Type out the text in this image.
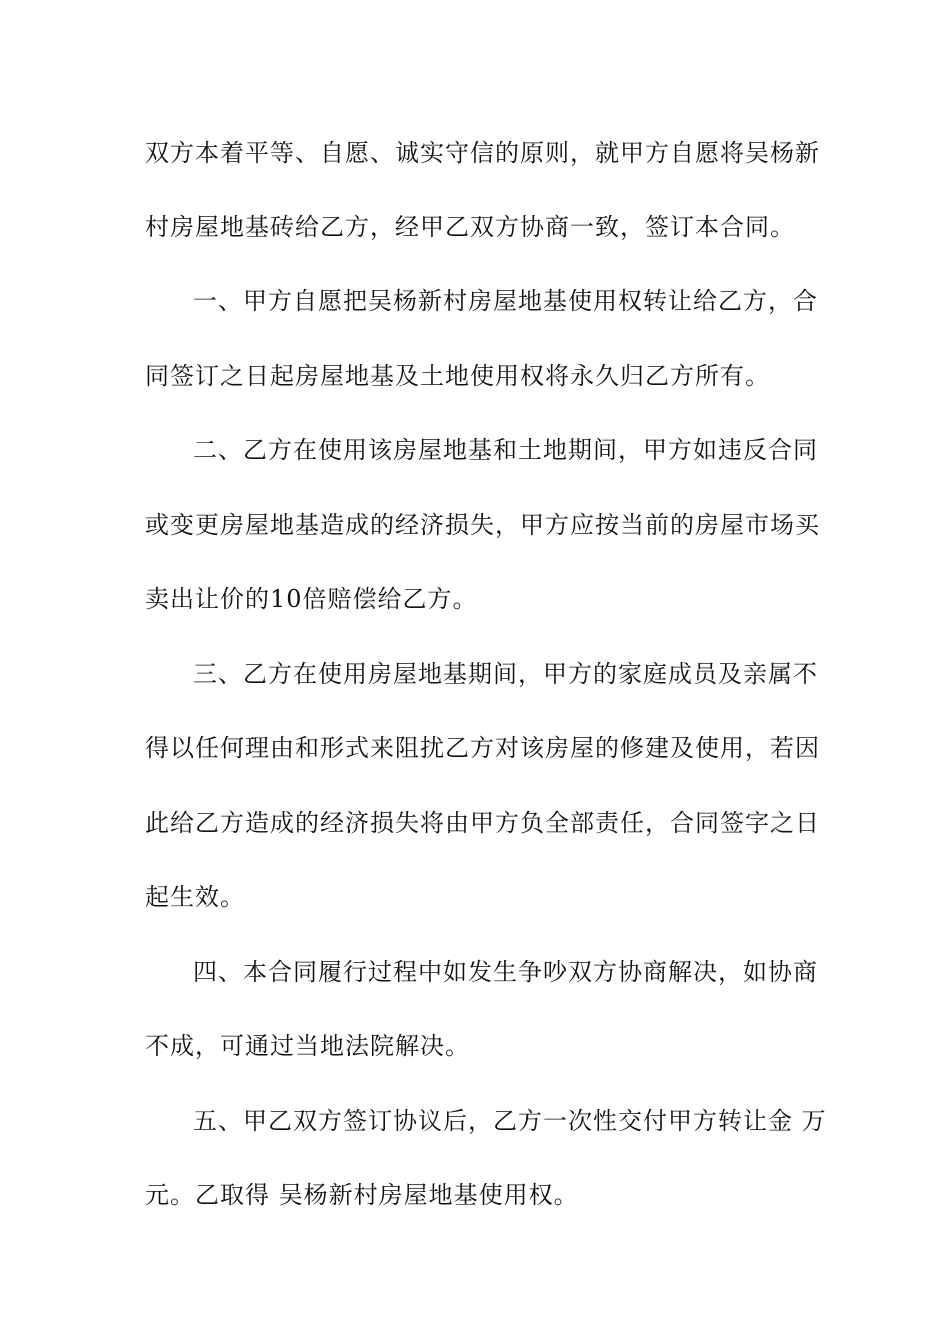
双方本着平等、自愿、诚实守信的原则，就甲方自愿将吴杨新
村房屋地基砖给乙方，经甲乙双方协商一致，签订本合同。
一、甲方自愿把吴杨新村房屋地基使用权转让给乙方，合
同签订之日起房屋地基及土地使用权将永久归乙方所有。
二、乙方在使用该房屋地基和土地期间，甲方如违反合同
或变更房屋地基造成的经济损失，甲方应按当前的房屋市场买
卖出让价的10倍赔偿给乙方。
三、乙方在使用房屋地基期间，甲方的家庭成员及亲属不
得以任何理由和形式来阻扰乙方对该房屋的修建及使用，若因
此给乙方造成的经济损失将由甲方负全部责任，合同签字之日
起生效。
四、本合同履行过程中如发生争吵双方协商解决，如协商
不成，可通过当地法院解决。
五、甲乙双方签订协议后，乙方一次性交付甲方转让金 万
元。乙取得 吴杨新村房屋地基使用权。
